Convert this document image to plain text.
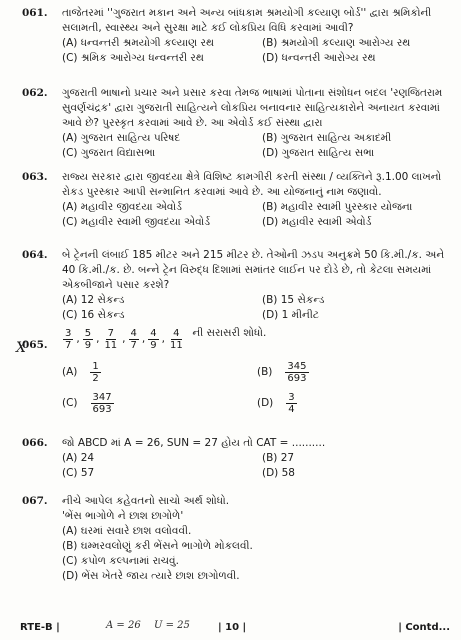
061.	તાજેતરમાં ''ગુજરાત મકાન અને અન્ય બાંધકામ શ્રમયોગી કલ્યાણ બોર્ડ'' દ્વારા શ્રમિકોની સલામતી, સ્વાસ્થ્ય અને સુરક્ષા માટે કઈ લોકપ્રિય વિધિ કરવામાં આવી?
(A) ધન્વન્તરી શ્રમયોગી કલ્યાણ રથ	(B) શ્રમયોગી કલ્યાણ આરોગ્ય રથ
(C) શ્રમિક આરોગ્ય ધન્વન્તરી રથ	(D) ધન્વન્તરી આરોગ્ય રથ
062.	ગુજરાતી ભાષાનો પ્રચાર અને પ્રસાર કરવા તેમજ ભાષામાં પોતાના સંશોધન બદલ 'રણજિતરામ સુવર્ણચંદ્રક' દ્વારા ગુજરાતી સાહિત્યને લોકપ્રિય બનાવનાર સાહિત્યકારોને અનાયત કરવામાં આવે છે? પુરસ્કૃત કરવામાં આવે છે. આ એવોર્ડ કઈ સંસ્થા દ્વારા
(A) ગુજરાત સાહિત્ય પરિષદ	(B) ગુજરાત સાહિત્ય અકાદમી
(C) ગુજરાત વિદ્યાસભા	(D) ગુજરાત સાહિત્ય સભા
063.	રાજ્ય સરકાર દ્વારા જીવદયા ક્ષેત્રે વિશિષ્ટ કામગીરી કરતી સંસ્થા / વ્યક્તિને રૂ.1.00 લાખનો રોકડ પુરસ્કાર આપી સન્માનિત કરવામાં આવે છે. આ યોજનાનું નામ જણાવો.
(A) મહાવીર જીવદયા એવોર્ડ	(B) મહાવીર સ્વામી પુરસ્કાર યોજના
(C) મહાવીર સ્વામી જીવદયા એવોર્ડ	(D) મહાવીર સ્વામી એવોર્ડ
064.	બે ટ્રેનની લંબાઈ 185 મીટર અને 215 મીટર છે. તેઓની ઝડપ અનુક્રમે 50 કિ.મી./ક. અને 40 કિ.મી./ક. છે. બન્ને ટ્રેન વિરુદ્ધ દિશામાં સમાંતર લાઈન પર દોડે છે, તો કેટલા સમયમાં એકબીજાને પસાર કરશે?
(A) 12 સેકન્ડ	(B) 15 સેકન્ડ
(C) 16 સેકન્ડ	(D) 1 મીનીટ
X
065.	$\frac{3}{7}$ , $\frac{5}{9}$ , $\frac{7}{11}$ , $\frac{4}{7}$ , $\frac{4}{9}$ , $\frac{4}{11}$ ની સરાસરી શોધો.
$(A) \frac{1}{2}$	$(B) \frac{345}{693}$
$(C) \frac{347}{693}$	$(D) \frac{3}{4}$
066.	જો ABCD માં A = 26, SUN = 27 હોય તો CAT = ..........
(A) 24	(B) 27
(C) 57	(D) 58
067.	નીચે આપેલ કહેવતનો સાચો અર્થ શોધો.
'ભેંસ ભાગોળે ને છાશ છાગોળે'
(A) ઘરમાં સવારે છાશ વલોવવી.
(B) ઘમ્મરવલોણું કરી ભેંસને ભાગોળે મોકલવી.
(C) કપોળ કલ્પનામાં રાચવું.
(D) ભેંસ ખેતરે જાય ત્યારે છાશ છાગોળવી.
RTE-B |	A = 26 U = 25	| 10 |	| Contd...
